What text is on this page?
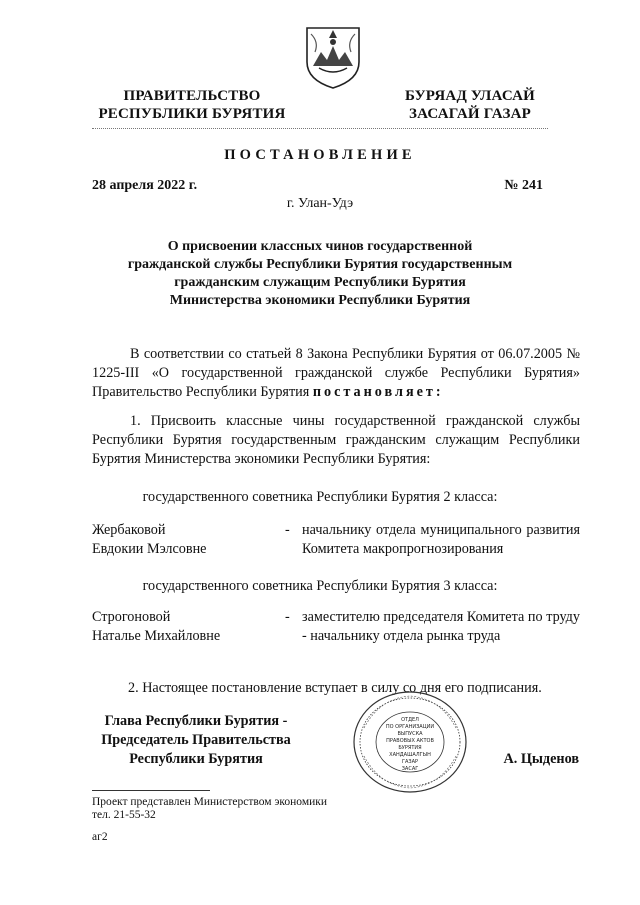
ПРАВИТЕЛЬСТВО
РЕСПУБЛИКИ БУРЯТИЯ
БУРЯАД УЛАСАЙ
ЗАСАГАЙ ГАЗАР
ПОСТАНОВЛЕНИЕ
28 апреля 2022 г.	№ 241
г. Улан-Удэ
О присвоении классных чинов государственной
гражданской службы Республики Бурятия государственным
гражданским служащим Республики Бурятия
Министерства экономики Республики Бурятия
В соответствии со статьей 8 Закона Республики Бурятия от 06.07.2005 № 1225-III «О государственной гражданской службе Республики Бурятия» Правительство Республики Бурятия постановляет:
1. Присвоить классные чины государственной гражданской службы Республики Бурятия государственным гражданским служащим Республики Бурятия Министерства экономики Республики Бурятия:
государственного советника Республики Бурятия 2 класса:
Жербаковой
Евдокии Мэлсовне
- начальнику отдела муниципального развития Комитета макропрогнозирования
государственного советника Республики Бурятия 3 класса:
Строгоновой
Наталье Михайловне
- заместителю председателя Комитета по труду - начальнику отдела рынка труда
2. Настоящее постановление вступает в силу со дня его подписания.
Глава Республики Бурятия -
Председатель Правительства
Республики Бурятия
ОТДЕЛ
ПО ОРГАНИЗАЦИИ
ВЫПУСКА
ПРАВОВЫХ АКТОВ
БУРЯТИЯ
ХАНДАШАЛГЫН
ГАЗАР
ЗАСАГ
А. Цыденов
Проект представлен Министерством экономики
тел. 21-55-32
аг2
